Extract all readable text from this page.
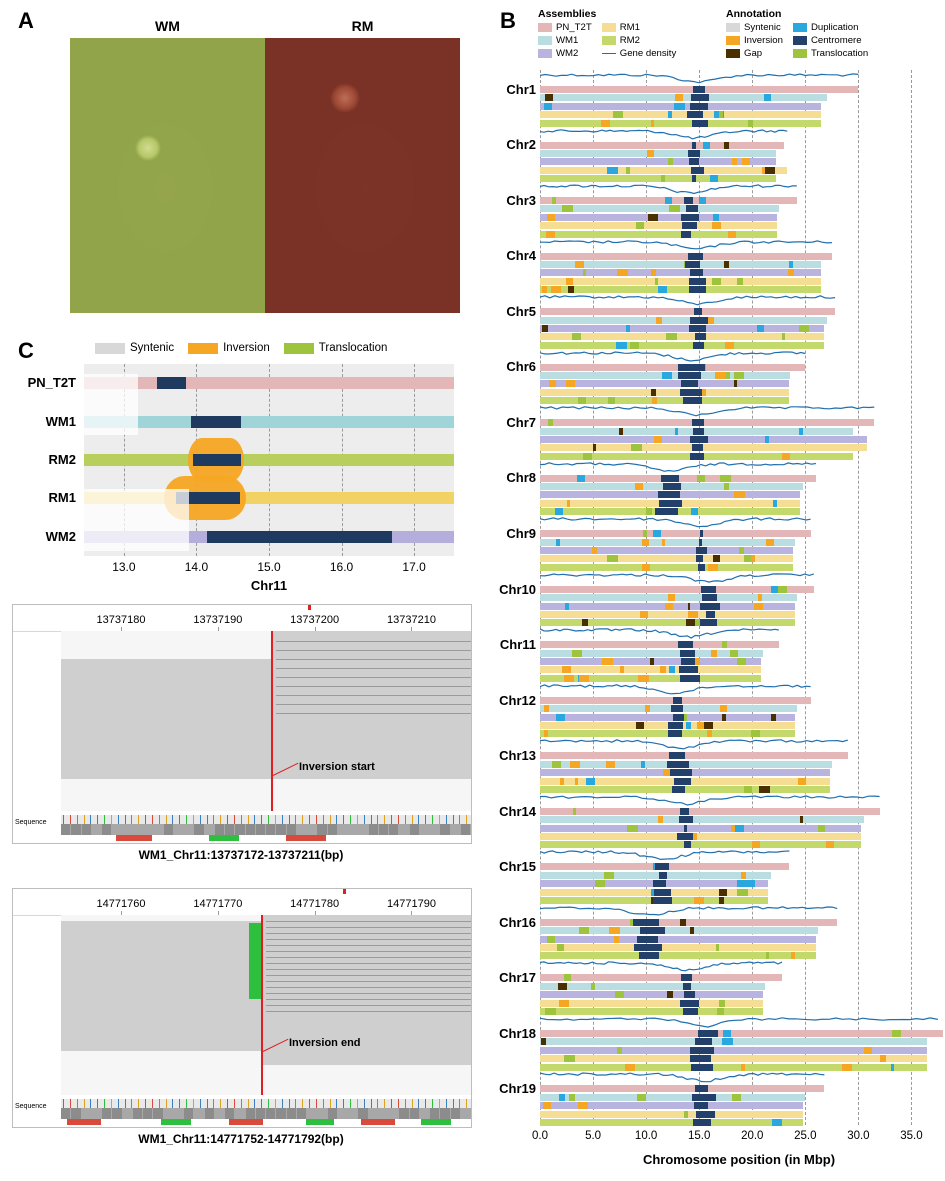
A	WM	RM
C	Syntenic	Inversion	Translocation
PN_T2T
WM1
RM2
RM1
WM2
13.0	14.0	15.0	16.0	17.0
Chr11
13737180	13737190	13737200	13737210
Inversion start
Sequence
WM1_Chr11:13737172-13737211(bp)
14771760	14771770	14771780	14771790
Inversion end
Sequence
WM1_Chr11:14771752-14771792(bp)
B Assemblies
PN_T2T
WM1
WM2
RM1
RM2
Gene density
Annotation
Syntenic
Inversion
Gap
Duplication
Centromere
Translocation
0.0	5.0	10.0	15.0	20.0	25.0	30.0	35.0
Chromosome position (in Mbp)
Chr1
Chr2
Chr3
Chr4
Chr5
Chr6
Chr7
Chr8
Chr9
Chr10
Chr11
Chr12
Chr13
Chr14
Chr15
Chr16
Chr17
Chr18
Chr19
